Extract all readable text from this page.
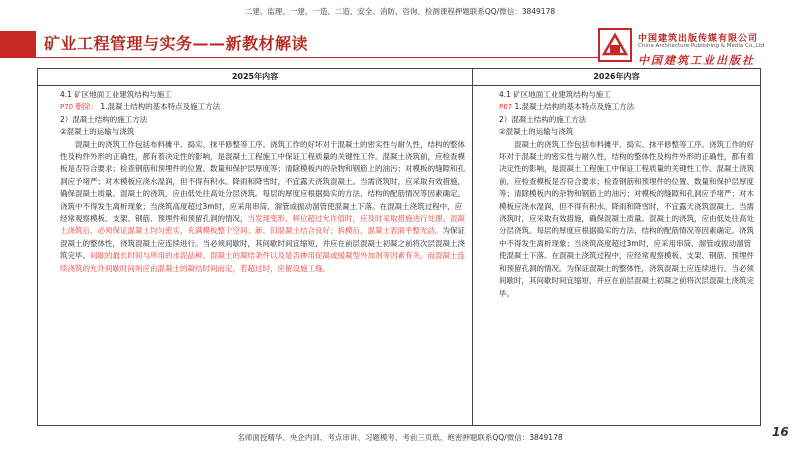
二建、监理、一建、一造、二造、安全、消防、咨询、检测课程押题联系QQ/微信：3849178
矿业工程管理与实务——新教材解读	中国建筑出版传媒有限公司
China Architecture Publishing & Media Co.,Ltd
中国建筑工业出版社
2025年内容

4.1 矿区地面工业建筑结构与施工

P70 删除： 1.混凝土结构的基本特点及施工方法

2）混凝土结构的施工方法

②混凝土的运输与浇筑

混凝土的浇筑工作包括布料摊平、捣实、抹平修整等工序。浇筑工作的好坏对于混凝土的密实性与耐久性，结构的整体性及构件外形的正确性，都有着决定性的影响，是混凝土工程施工中保证工程质量的关键性工作。混凝土浇筑前，应检查模板是否符合要求；检查钢筋和预埋件的位置、数量和保护层厚度等；清除模板内的杂物和钢筋上的油污；对模板的缝隙和孔洞应予堵严；对木模板应浇水湿润，但不得有积水。降雨和降雪时，不宜露天浇筑混凝土。当需浇筑时，应采取有效措施，确保混凝土质量。混凝土的浇筑，应由低处往高处分层浇筑。每层的厚度应根据捣实的方法、结构的配筋情况等因素确定。浇筑中不得发生离析现象；当浇筑高度超过3m时，应采用串筒、溜管或振动溜管使混凝土下落。在混凝土浇筑过程中，应经常观察模板、支架、钢筋、预埋件和预留孔洞的情况，当发现变形、移位超过允许值时，应及时采取措施进行处理。混凝土浇筑后，必须保证混凝土均匀密实，充满模板整个空间；新、旧混凝土结合良好；拆模后，混凝土表面平整光洁。为保证混凝土的整体性，浇筑混凝土应连续进行。当必须间歇时，其间歇时间宜缩短，并应在前层混凝土初凝之前将次层混凝土浇筑完毕。间歇的最长时间与所用的水泥品种、混凝土的凝结条件以及是否掺用促凝或缓凝型外加剂等因素有关。而混凝土连续浇筑的允许间歇时间则应由混凝土的凝结时间而定，若超过时，应留设施工缝。

2026年内容

4.1 矿区地面工业建筑结构与施工

P67 1.混凝土结构的基本特点及施工方法

2）混凝土结构的施工方法

②混凝土的运输与浇筑

混凝土的浇筑工作包括布料摊平、捣实、抹平修整等工序。浇筑工作的好坏对于混凝土的密实性与耐久性，结构的整体性及构件外形的正确性，都有着决定性的影响，是混凝土工程施工中保证工程质量的关键性工作。混凝土浇筑前，应检查模板是否符合要求；检查钢筋和预埋件的位置、数量和保护层厚度等；清除模板内的杂物和钢筋上的油污；对模板的缝隙和孔洞应予堵严；对木模板应浇水湿润，但不得有积水。降雨和降雪时，不宜露天浇筑混凝土。当需浇筑时，应采取有效措施，确保混凝土质量。混凝土的浇筑，应由低处往高处分层浇筑。每层的厚度应根据捣实的方法、结构的配筋情况等因素确定。浇筑中不得发生离析现象；当浇筑高度超过3m时，应采用串筒、溜管或振动溜管使混凝土下落。在混凝土浇筑过程中，应经常观察模板、支架、钢筋、预埋件和预留孔洞的情况。为保证混凝土的整体性，浇筑混凝土应连续进行。当必须间歇时，其间歇时间宜缩短，并应在前层混凝土初凝之前将次层混凝土浇筑完毕。

名师面授精华、央企内训、考点串讲、习题模考、考前三页纸、绝密押题联系QQ/微信：3849178	16
